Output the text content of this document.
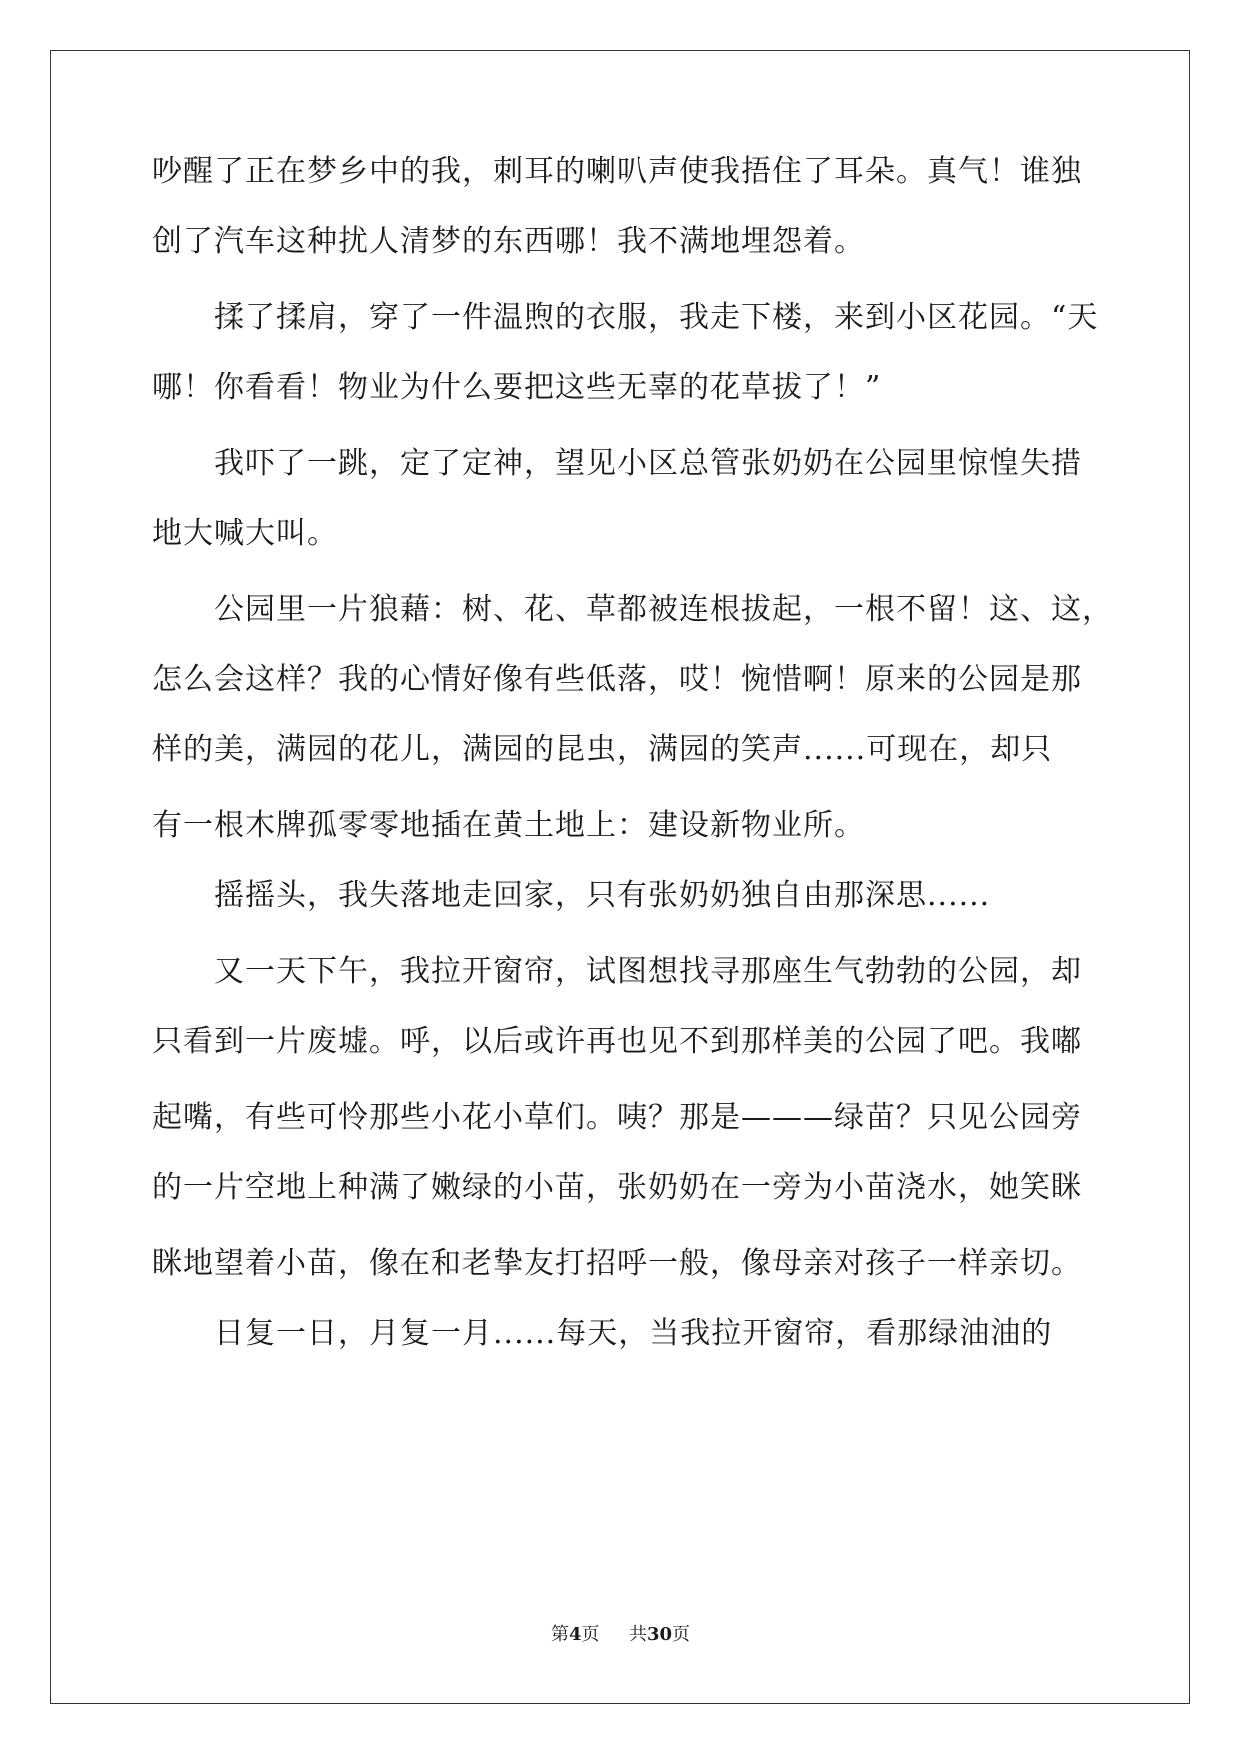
吵醒了正在梦乡中的我，刺耳的喇叭声使我捂住了耳朵。真气！谁独
创了汽车这种扰人清梦的东西哪！我不满地埋怨着。
　　揉了揉肩，穿了一件温煦的衣服，我走下楼，来到小区花园。“天
哪！你看看！物业为什么要把这些无辜的花草拔了！”
　　我吓了一跳，定了定神，望见小区总管张奶奶在公园里惊惶失措
地大喊大叫。
　　公园里一片狼藉：树、花、草都被连根拔起，一根不留！这、这，
怎么会这样？我的心情好像有些低落，哎！惋惜啊！原来的公园是那
样的美，满园的花儿，满园的昆虫，满园的笑声......可现在，却只
有一根木牌孤零零地插在黄土地上：建设新物业所。
　　摇摇头，我失落地走回家，只有张奶奶独自由那深思......
　　又一天下午，我拉开窗帘，试图想找寻那座生气勃勃的公园，却
只看到一片废墟。呼，以后或许再也见不到那样美的公园了吧。我嘟
起嘴，有些可怜那些小花小草们。咦？那是———绿苗？只见公园旁
的一片空地上种满了嫩绿的小苗，张奶奶在一旁为小苗浇水，她笑眯
眯地望着小苗，像在和老挚友打招呼一般，像母亲对孩子一样亲切。
　　日复一日，月复一月......每天，当我拉开窗帘，看那绿油油的
第4页 共30页
